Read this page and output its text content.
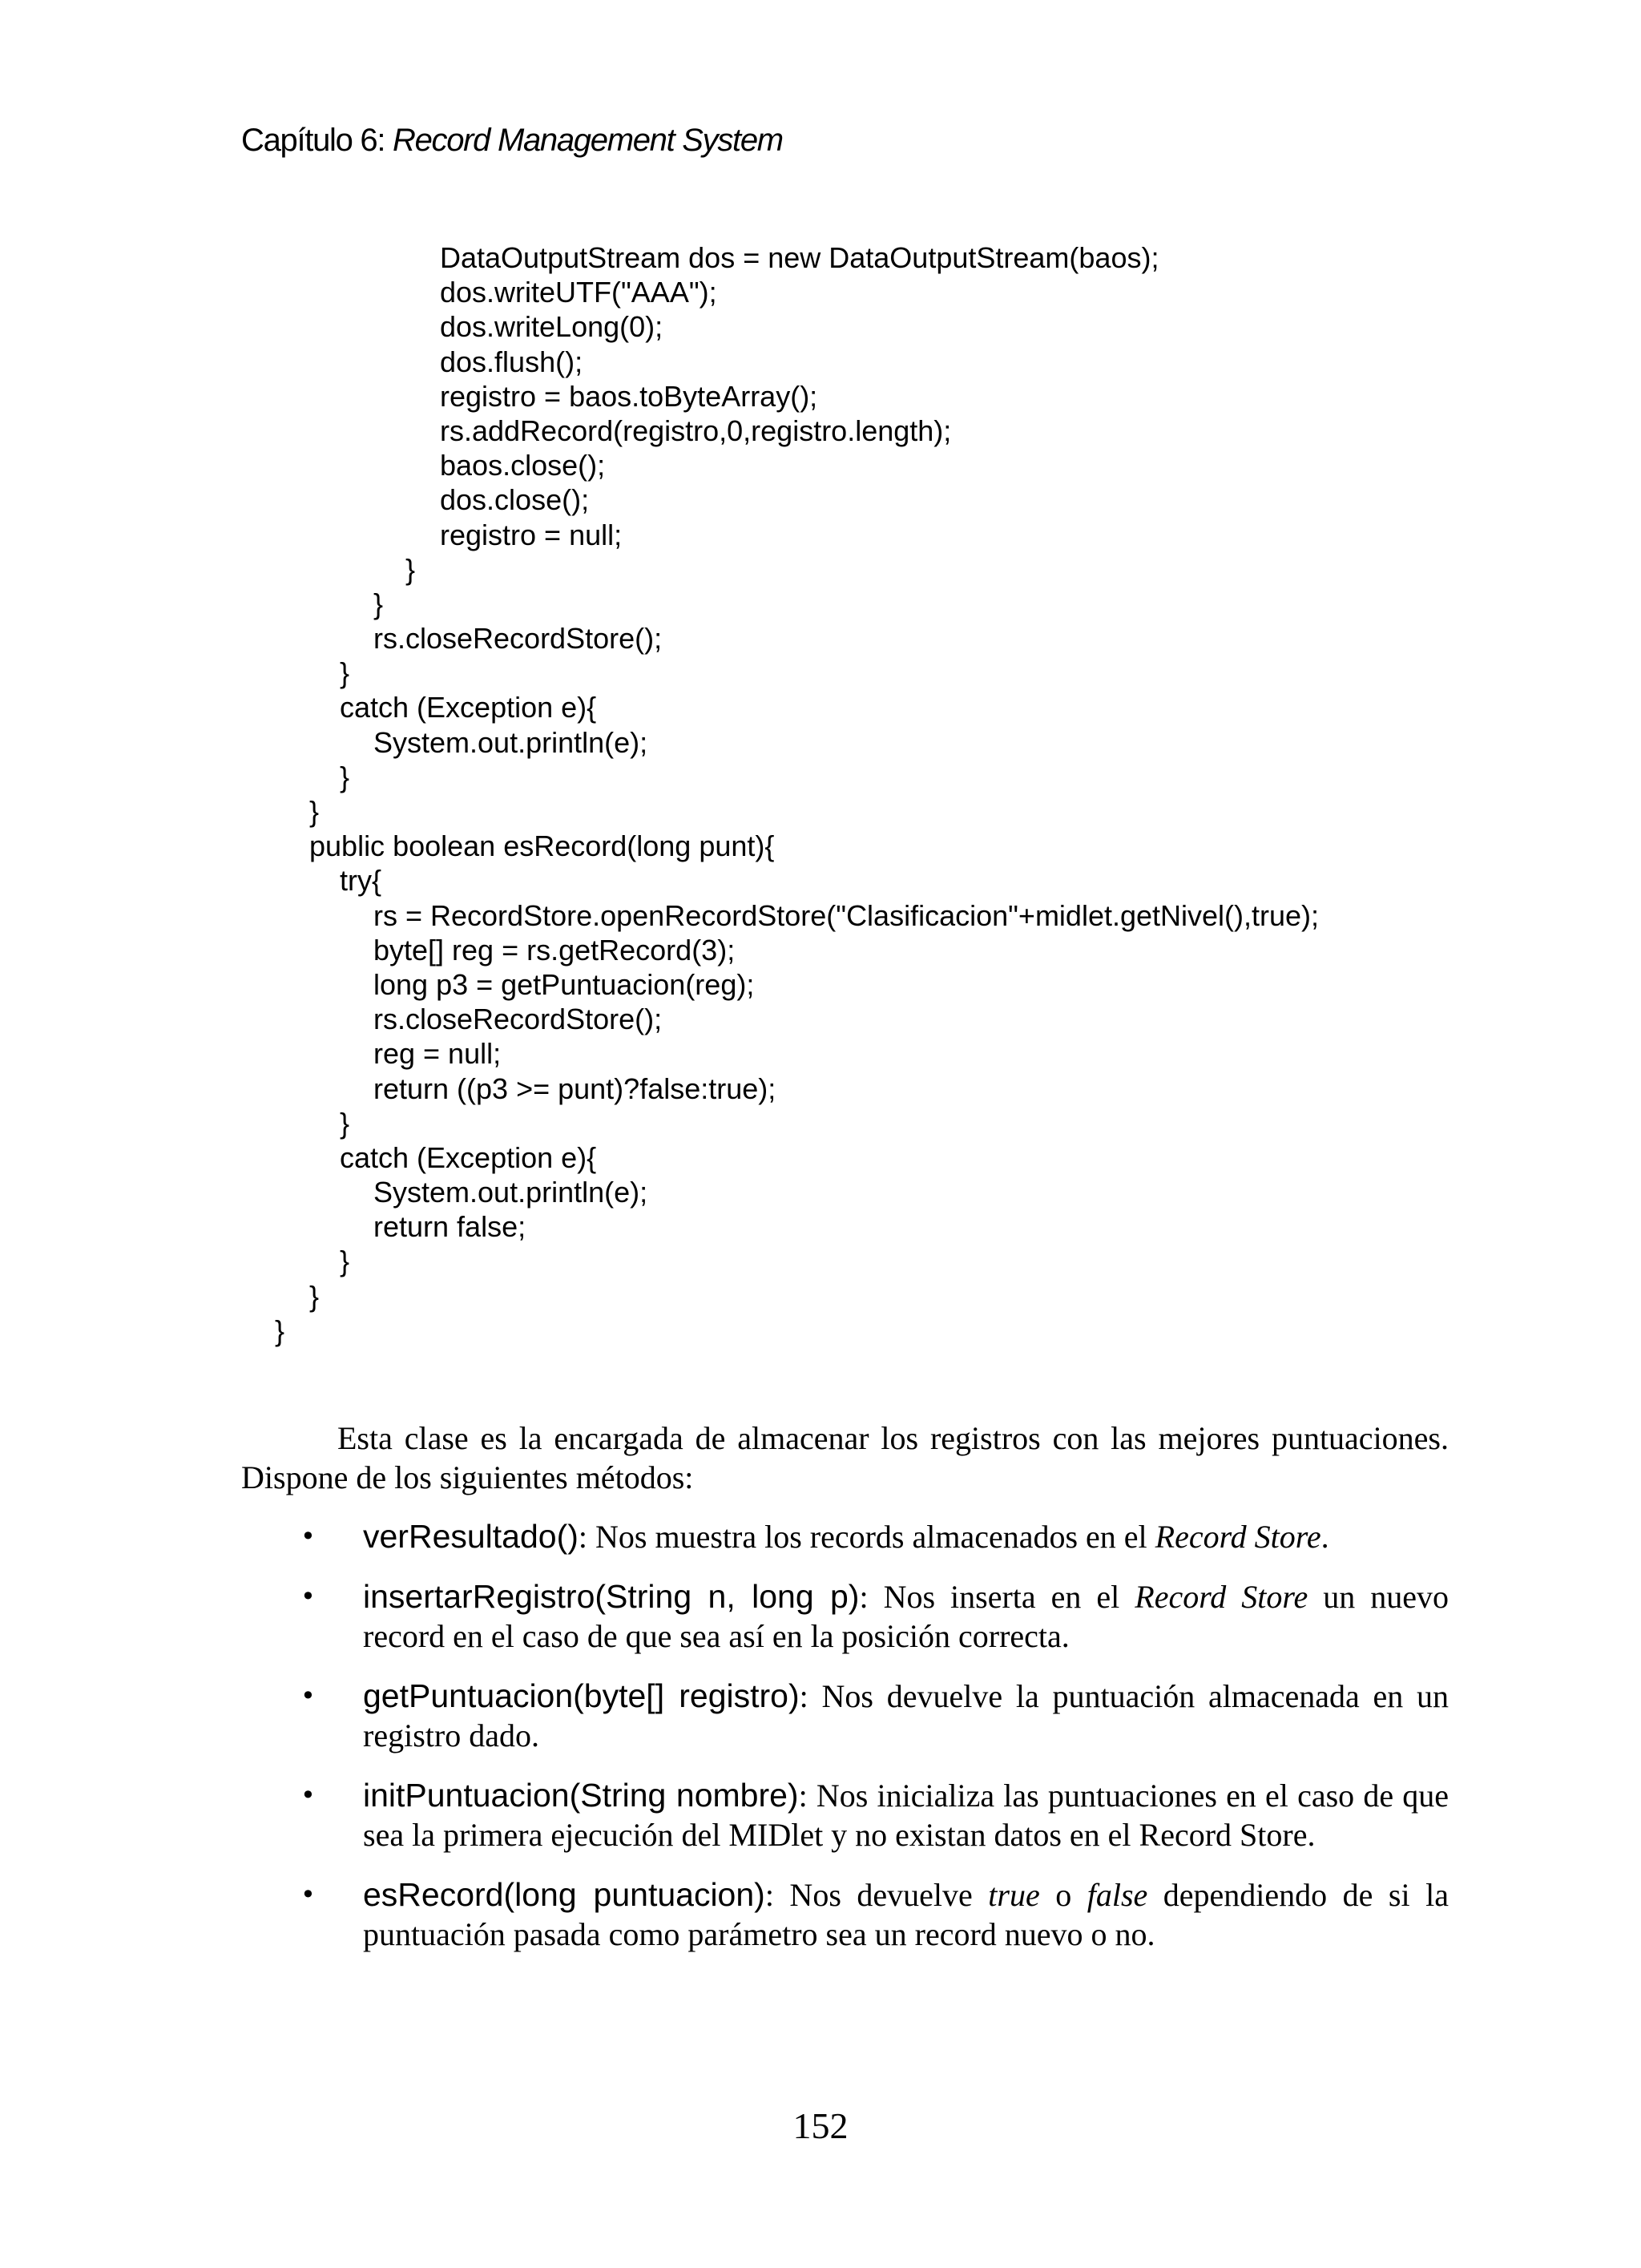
Capítulo 6: Record Management System
DataOutputStream dos = new DataOutputStream(baos);
dos.writeUTF("AAA");
dos.writeLong(0);
dos.flush();
registro = baos.toByteArray();
rs.addRecord(registro,0,registro.length);
baos.close();
dos.close();
registro = null;
}
}
rs.closeRecordStore();
}
catch (Exception e){
System.out.println(e);
}
}
public boolean esRecord(long punt){
try{
rs = RecordStore.openRecordStore("Clasificacion"+midlet.getNivel(),true);
byte[] reg = rs.getRecord(3);
long p3 = getPuntuacion(reg);
rs.closeRecordStore();
reg = null;
return ((p3 >= punt)?false:true);
}
catch (Exception e){
System.out.println(e);
return false;
}
}
}

Esta clase es la encargada de almacenar los registros con las mejores puntuaciones. Dispone de los siguientes métodos:

• verResultado(): Nos muestra los records almacenados en el Record Store.
• insertarRegistro(String n, long p): Nos inserta en el Record Store un nuevo record en el caso de que sea así en la posición correcta.
• getPuntuacion(byte[] registro): Nos devuelve la puntuación almacenada en un registro dado.
• initPuntuacion(String nombre): Nos inicializa las puntuaciones en el caso de que sea la primera ejecución del MIDlet y no existan datos en el Record Store.
• esRecord(long puntuacion): Nos devuelve true o false dependiendo de si la puntuación pasada como parámetro sea un record nuevo o no.
152
